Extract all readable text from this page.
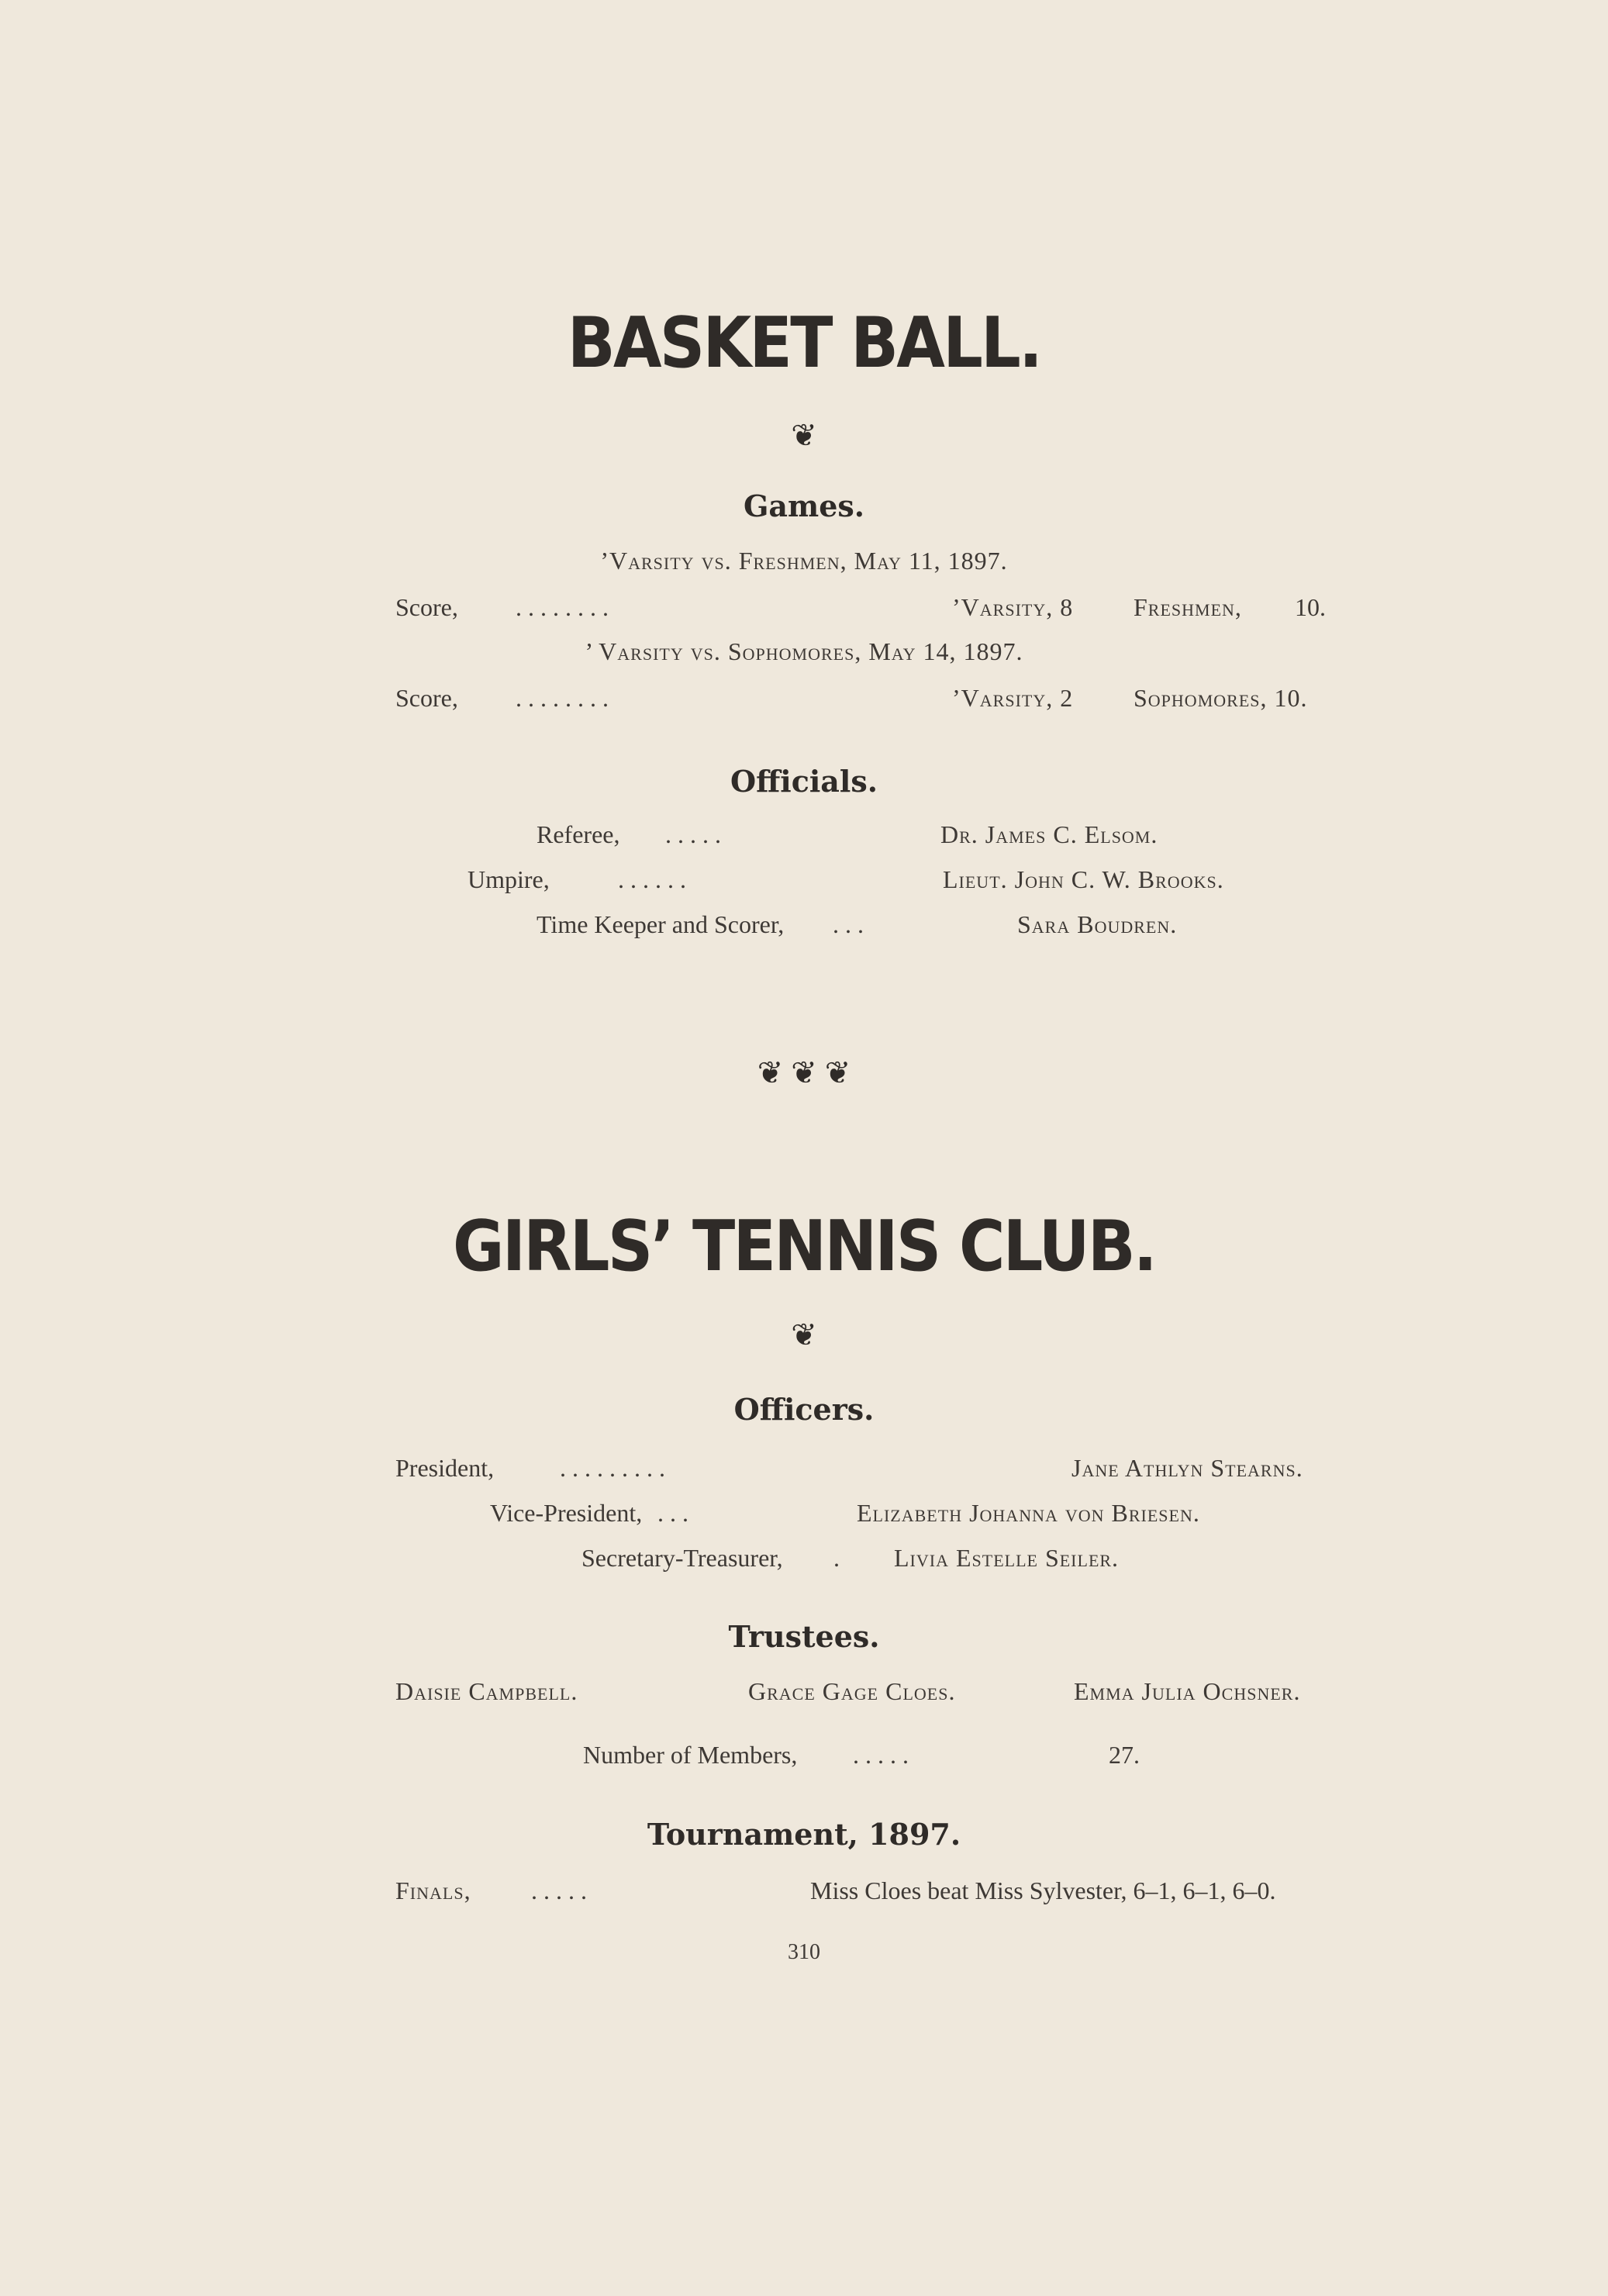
BASKET BALL.
❦
Games.
’Varsity vs. Freshmen, May 11, 1897.
Score, . . . . . . . .	’Varsity, 8 Freshmen, 10.
’ Varsity vs. Sophomores, May 14, 1897.
Score, . . . . . . . .	’Varsity, 2 Sophomores, 10.
Officials.
Referee, . . . . .	Dr. James C. Elsom.
Umpire,	. . . . . .	Lieut. John C. W. Brooks.
Time Keeper and Scorer, . . .	Sara Boudren.
❦ ❦ ❦
GIRLS’ TENNIS CLUB.
❦
Officers.
President,	. . . . . . . . .	Jane Athlyn Stearns.
Vice-President, . . .	Elizabeth Johanna von Briesen.
Secretary-Treasurer, . Livia Estelle Seiler.
Trustees.
Daisie Campbell.	Grace Gage Cloes.	Emma Julia Ochsner.
Number of Members, . . . . .	27.
Tournament, 1897.
Finals, . . . . .	Miss Cloes beat Miss Sylvester, 6–1, 6–1, 6–0.
310
